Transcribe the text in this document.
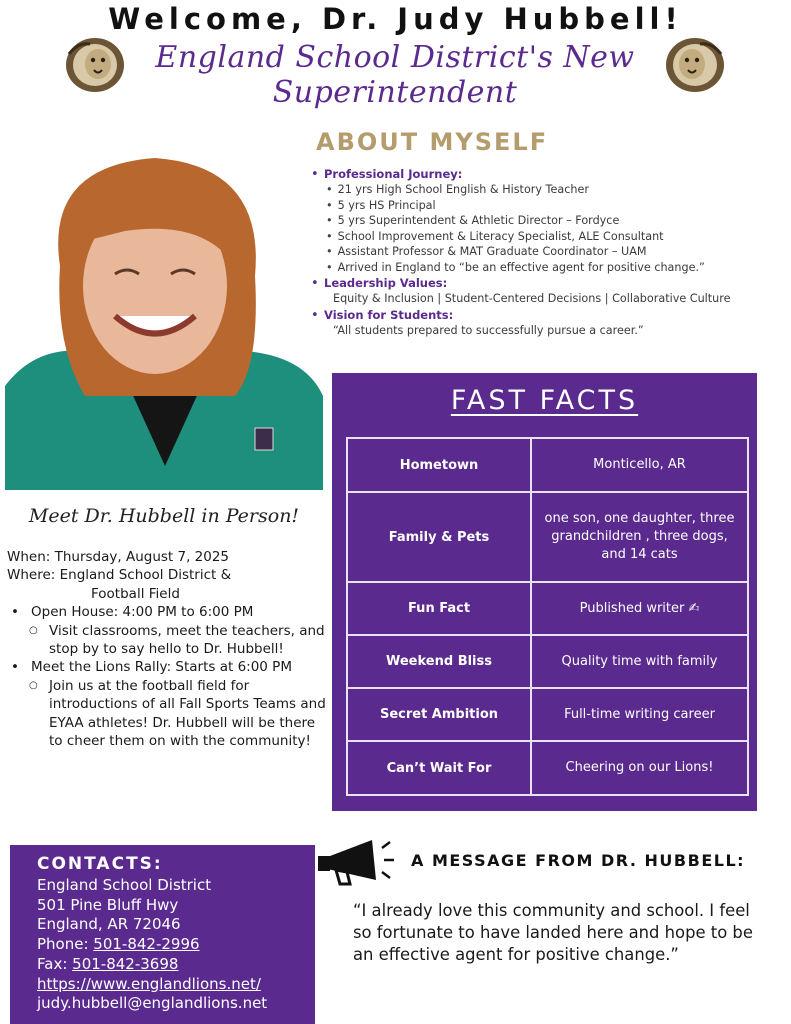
Welcome, Dr. Judy Hubbell!
England School District's New Superintendent
ABOUT MYSELF
• Professional Journey:
• 21 yrs High School English & History Teacher
• 5 yrs HS Principal
• 5 yrs Superintendent & Athletic Director – Fordyce
• School Improvement & Literacy Specialist, ALE Consultant
• Assistant Professor & MAT Graduate Coordinator – UAM
• Arrived in England to “be an effective agent for positive change.”
• Leadership Values:
Equity & Inclusion | Student-Centered Decisions | Collaborative Culture
• Vision for Students:
“All students prepared to successfully pursue a career.”
FAST FACTS
Hometown	Monticello, AR
Family & Pets	one son, one daughter, three grandchildren , three dogs, and 14 cats
Fun Fact	Published writer ✍
Weekend Bliss	Quality time with family
Secret Ambition	Full-time writing career
Can’t Wait For	Cheering on our Lions!
Meet Dr. Hubbell in Person!
When: Thursday, August 7, 2025
Where: England School District &
Football Field
• Open House: 4:00 PM to 6:00 PM
○ Visit classrooms, meet the teachers, and stop by to say hello to Dr. Hubbell!
• Meet the Lions Rally: Starts at 6:00 PM
○ Join us at the football field for introductions of all Fall Sports Teams and EYAA athletes! Dr. Hubbell will be there to cheer them on with the community!
CONTACTS:
England School District
501 Pine Bluff Hwy
England, AR 72046
Phone: 501-842-2996
Fax: 501-842-3698
https://www.englandlions.net/
judy.hubbell@englandlions.net
A MESSAGE FROM DR. HUBBELL:
“I already love this community and school. I feel so fortunate to have landed here and hope to be an effective agent for positive change.”
